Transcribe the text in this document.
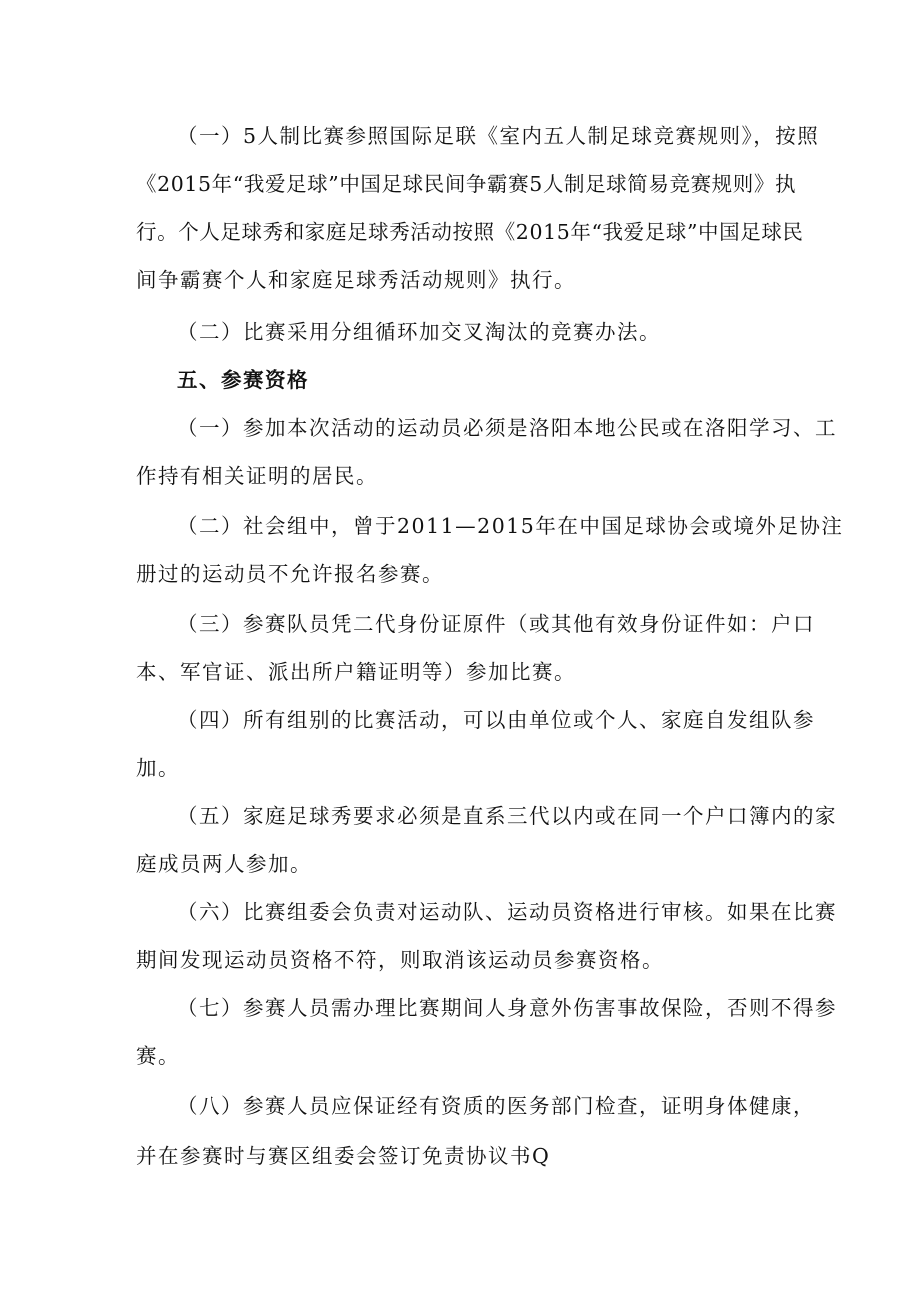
（一）5人制比赛参照国际足联《室内五人制足球竞赛规则》，按照
《2015年“我爱足球”中国足球民间争霸赛5人制足球简易竞赛规则》执
行。个人足球秀和家庭足球秀活动按照《2015年“我爱足球”中国足球民
间争霸赛个人和家庭足球秀活动规则》执行。
（二）比赛采用分组循环加交叉淘汰的竞赛办法。
五、参赛资格
（一）参加本次活动的运动员必须是洛阳本地公民或在洛阳学习、工
作持有相关证明的居民。
（二）社会组中，曾于2011—2015年在中国足球协会或境外足协注
册过的运动员不允许报名参赛。
（三）参赛队员凭二代身份证原件（或其他有效身份证件如：户口
本、军官证、派出所户籍证明等）参加比赛。
（四）所有组别的比赛活动，可以由单位或个人、家庭自发组队参
加。
（五）家庭足球秀要求必须是直系三代以内或在同一个户口簿内的家
庭成员两人参加。
（六）比赛组委会负责对运动队、运动员资格进行审核。如果在比赛
期间发现运动员资格不符，则取消该运动员参赛资格。
（七）参赛人员需办理比赛期间人身意外伤害事故保险，否则不得参
赛。
（八）参赛人员应保证经有资质的医务部门检查，证明身体健康，
并在参赛时与赛区组委会签订免责协议书Q
